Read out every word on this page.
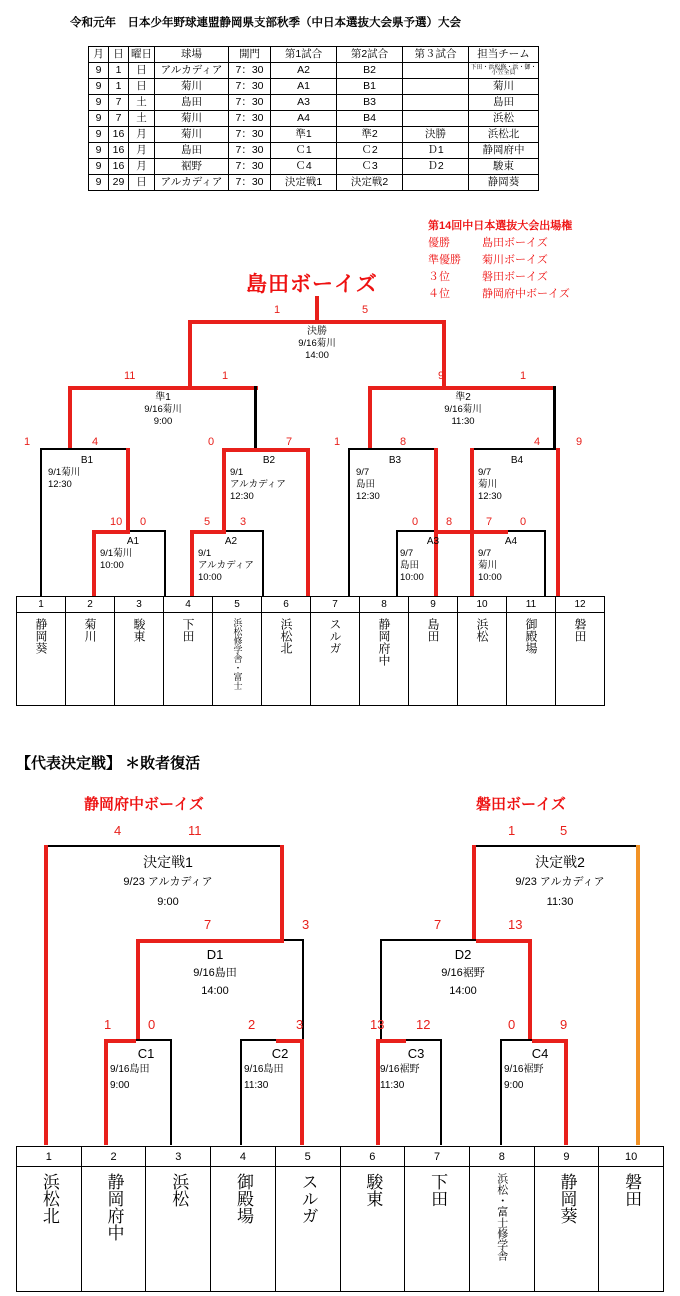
令和元年　日本少年野球連盟静岡県支部秋季（中日本選抜大会県予選）大会
月	日	曜日	球場	開門	第1試合	第2試合	第３試合	担当チーム
9	1	日	アルカディア	7：30	A2	B2		下田・浜松修・浜・御・小笠全員

9	1	日	菊川	7：30	A1	B1		菊川
9	7	土	島田	7：30	A3	B3		島田
9	7	土	菊川	7：30	A4	B4		浜松
9	16	月	菊川	7：30	準1	準2	決勝	浜松北
9	16	月	島田	7：30	Ｃ1	Ｃ2	Ｄ1	静岡府中
9	16	月	裾野	7：30	Ｃ4	Ｃ3	Ｄ2	駿東
9	29	日	アルカディア	7：30	決定戦1	決定戦2		静岡葵
第14回中日本選抜大会出場権
優勝	島田ボーイズ
準優勝 菊川ボーイズ
３位	磐田ボーイズ
４位	静岡府中ボーイズ
島田ボーイズ
決勝
9/16菊川
14:00
1	5
準1
9/16菊川
9:00
11	1
準2
9/16菊川
11:30
9	1
B1
9/1菊川
12:30
1	4
B2
9/1
アルカディア
12:30
0	7
B3
9/7
島田
12:30
1	8
B4
9/7
菊川
12:30
4	9
A1
9/1菊川
10:00
10 0
A2
9/1
アルカディア
10:00
5	3
A3
9/7
島田
10:00
0	8
A4
9/7
菊川
10:00
7	0
1
静岡葵
2
菊川
3
駿東
4
下田
5
浜松修学舎・富士
6
浜松北
7
スルガ
8
静岡府中
9
島田
10
浜松
11
御殿場
12
磐田
【代表決定戦】 ＊敗者復活
静岡府中ボーイズ	磐田ボーイズ
決定戦1
9/23 アルカディア
9:00
4	11
決定戦2
9/23 アルカディア
11:30
1	5
D1
9/16島田
14:00
7	3
D2
9/16裾野
14:00
7	13
C1
9/16島田
9:00
1	0
C2
9/16島田
11:30
2	3
C3
9/16裾野
11:30
13 12
C4
9/16裾野
9:00
0	9
1
浜松北
2
静岡府中
3
浜松
4
御殿場
5
スルガ
6
駿東
7
下田
8
浜松・富士修学舎
9
静岡葵
10
磐田
